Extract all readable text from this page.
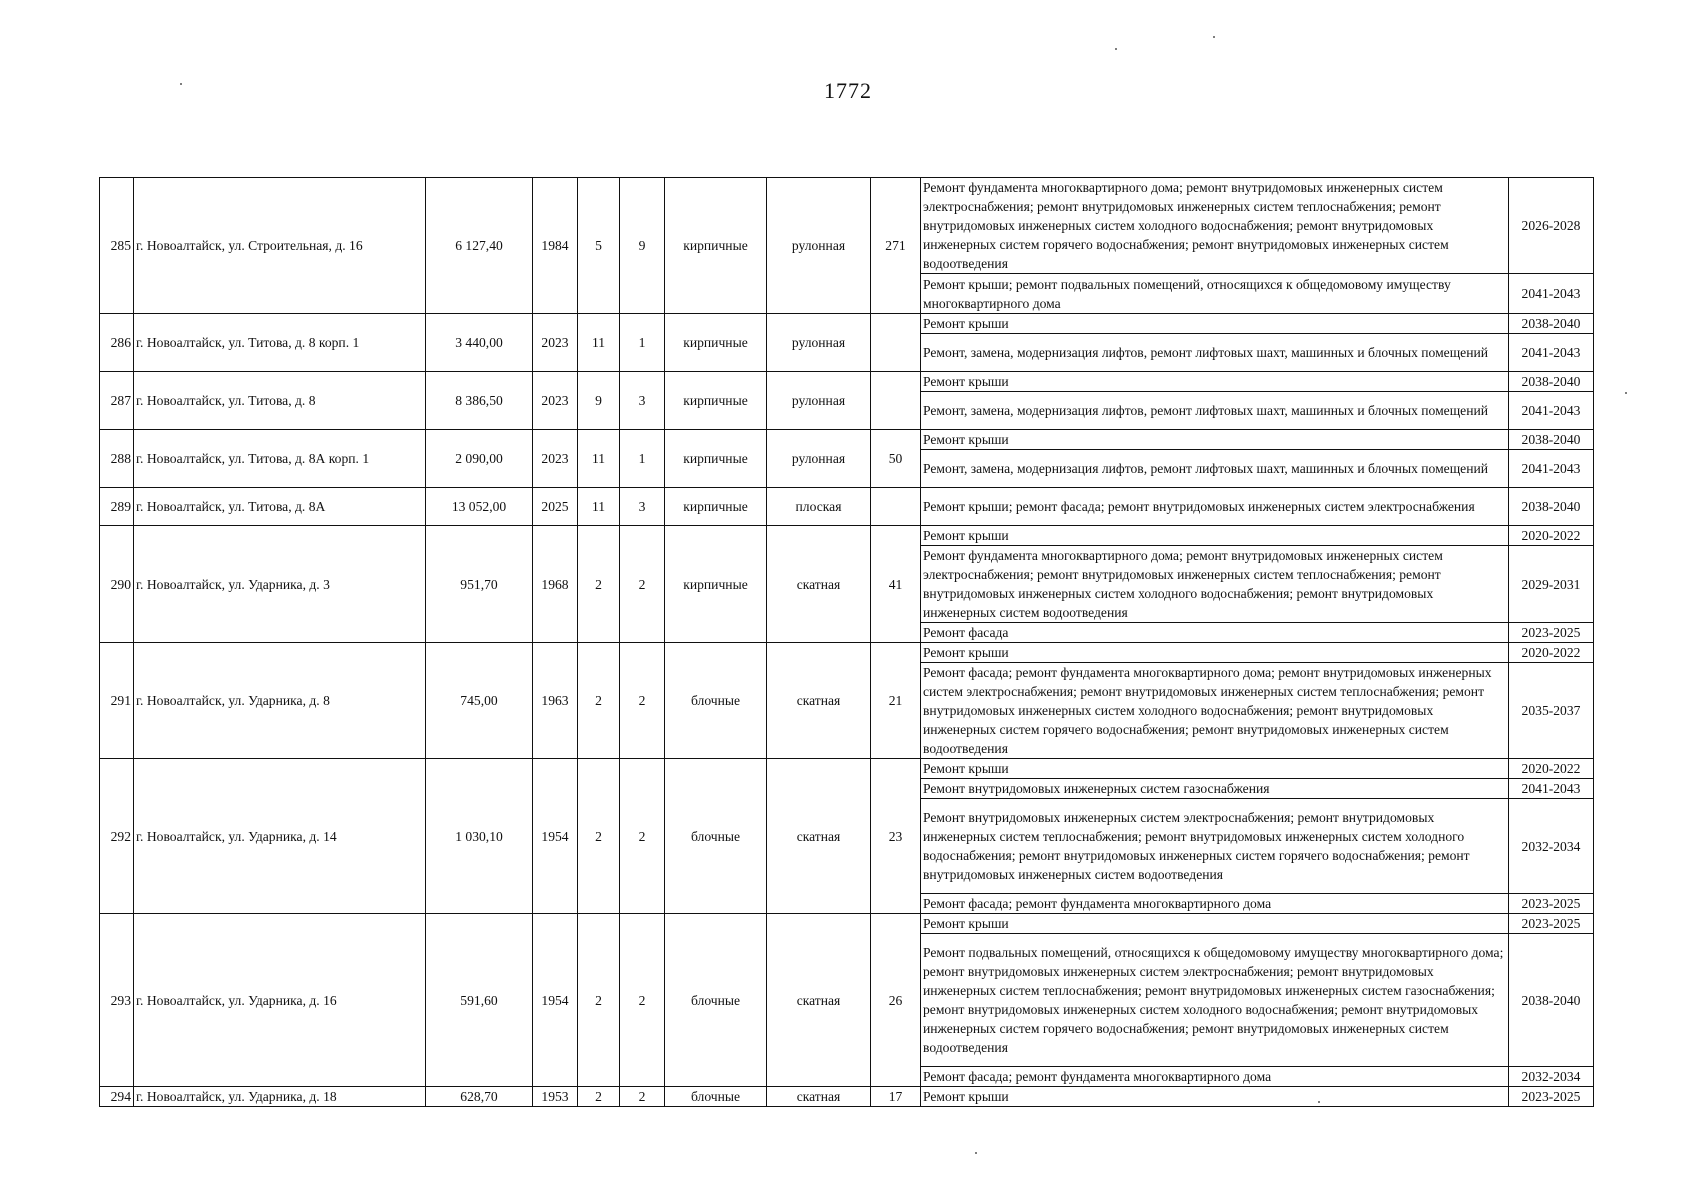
1772
285	г. Новоалтайск, ул. Строительная, д. 16	6 127,40	1984	5	9	кирпичные	рулонная	271	Ремонт фундамента многоквартирного дома; ремонт внутридомовых инженерных систем электроснабжения; ремонт внутридомовых инженерных систем теплоснабжения; ремонт внутридомовых инженерных систем холодного водоснабжения; ремонт внутридомовых инженерных систем горячего водоснабжения; ремонт внутридомовых инженерных систем водоотведения	2026-2028
									Ремонт крыши; ремонт подвальных помещений, относящихся к общедомовому имуществу многоквартирного дома	2041-2043
286	г. Новоалтайск, ул. Титова, д. 8 корп. 1	3 440,00	2023	11	1	кирпичные	рулонная		Ремонт крыши	2038-2040
									Ремонт, замена, модернизация лифтов, ремонт лифтовых шахт, машинных и блочных помещений	2041-2043
287	г. Новоалтайск, ул. Титова, д. 8	8 386,50	2023	9	3	кирпичные	рулонная		Ремонт крыши	2038-2040
									Ремонт, замена, модернизация лифтов, ремонт лифтовых шахт, машинных и блочных помещений	2041-2043
288	г. Новоалтайск, ул. Титова, д. 8А корп. 1	2 090,00	2023	11	1	кирпичные	рулонная	50	Ремонт крыши	2038-2040
									Ремонт, замена, модернизация лифтов, ремонт лифтовых шахт, машинных и блочных помещений	2041-2043
289	г. Новоалтайск, ул. Титова, д. 8А	13 052,00	2025	11	3	кирпичные	плоская		Ремонт крыши; ремонт фасада; ремонт внутридомовых инженерных систем электроснабжения	2038-2040
290	г. Новоалтайск, ул. Ударника, д. 3	951,70	1968	2	2	кирпичные	скатная	41	Ремонт крыши	2020-2022
									Ремонт фундамента многоквартирного дома; ремонт внутридомовых инженерных систем электроснабжения; ремонт внутридомовых инженерных систем теплоснабжения; ремонт внутридомовых инженерных систем холодного водоснабжения; ремонт внутридомовых инженерных систем водоотведения	2029-2031
									Ремонт фасада	2023-2025
291	г. Новоалтайск, ул. Ударника, д. 8	745,00	1963	2	2	блочные	скатная	21	Ремонт крыши	2020-2022
									Ремонт фасада; ремонт фундамента многоквартирного дома; ремонт внутридомовых инженерных систем электроснабжения; ремонт внутридомовых инженерных систем теплоснабжения; ремонт внутридомовых инженерных систем холодного водоснабжения; ремонт внутридомовых инженерных систем горячего водоснабжения; ремонт внутридомовых инженерных систем водоотведения	2035-2037
292	г. Новоалтайск, ул. Ударника, д. 14	1 030,10	1954	2	2	блочные	скатная	23	Ремонт крыши	2020-2022
									Ремонт внутридомовых инженерных систем газоснабжения	2041-2043
									Ремонт внутридомовых инженерных систем электроснабжения; ремонт внутридомовых инженерных систем теплоснабжения; ремонт внутридомовых инженерных систем холодного водоснабжения; ремонт внутридомовых инженерных систем горячего водоснабжения; ремонт внутридомовых инженерных систем водоотведения	2032-2034
									Ремонт фасада; ремонт фундамента многоквартирного дома	2023-2025
293	г. Новоалтайск, ул. Ударника, д. 16	591,60	1954	2	2	блочные	скатная	26	Ремонт крыши	2023-2025
									Ремонт подвальных помещений, относящихся к общедомовому имуществу многоквартирного дома; ремонт внутридомовых инженерных систем электроснабжения; ремонт внутридомовых инженерных систем теплоснабжения; ремонт внутридомовых инженерных систем газоснабжения; ремонт внутридомовых инженерных систем холодного водоснабжения; ремонт внутридомовых инженерных систем горячего водоснабжения; ремонт внутридомовых инженерных систем водоотведения	2038-2040
									Ремонт фасада; ремонт фундамента многоквартирного дома	2032-2034
294	г. Новоалтайск, ул. Ударника, д. 18	628,70	1953	2	2	блочные	скатная	17	Ремонт крыши	2023-2025
